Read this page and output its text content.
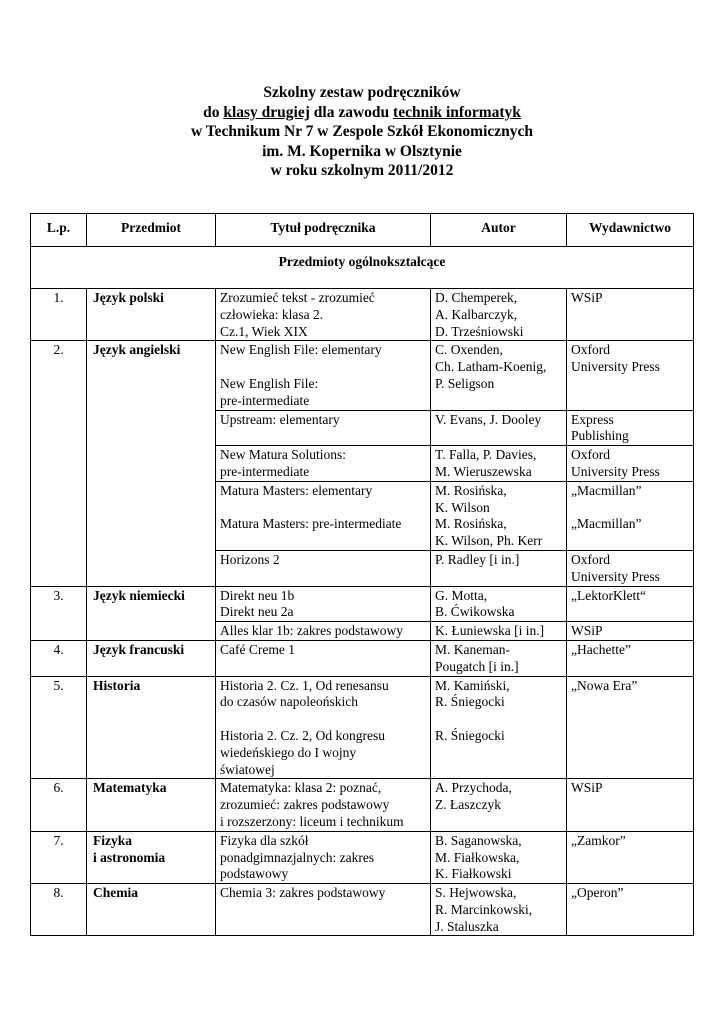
Szkolny zestaw podręczników
do klasy drugiej dla zawodu technik informatyk
w Technikum Nr 7 w Zespole Szkół Ekonomicznych
im. M. Kopernika w Olsztynie
w roku szkolnym 2011/2012
L.p.	Przedmiot	Tytuł podręcznika	Autor	Wydawnictwo
Przedmioty ogólnokształcące				
1.	Język polski	Zrozumieć tekst - zrozumieć
człowieka: klasa 2.
Cz.1, Wiek XIX	D. Chemperek,
A. Kalbarczyk,
D. Trześniowski	WSiP

2.	Język angielski	New English File: elementary
New English File:
pre-intermediate	C. Oxenden,
Ch. Latham-Koenig,
P. Seligson	Oxford
University Press

		Upstream: elementary	V. Evans, J. Dooley	Express
Publishing

		New Matura Solutions:
pre-intermediate	T. Falla, P. Davies,
M. Wieruszewska	Oxford
University Press

		Matura Masters: elementary
Matura Masters: pre-intermediate	M. Rosińska,
K. Wilson
M. Rosińska,
K. Wilson, Ph. Kerr	„Macmillan”
„Macmillan”

		Horizons 2	P. Radley [i in.]	Oxford
University Press

3.	Język niemiecki	Direkt neu 1b
Direkt neu 2a	G. Motta,
B. Ćwikowska	„LektorKlett“

		Alles klar 1b: zakres podstawowy	K. Łuniewska [i in.]	WSiP

4.	Język francuski	Café Creme 1	M. Kaneman-
Pougatch [i in.]	„Hachette”

5.	Historia	Historia 2. Cz. 1, Od renesansu
do czasów napoleońskich
Historia 2. Cz. 2, Od kongresu
wiedeńskiego do I wojny
światowej	M. Kamiński,
R. Śniegocki
R. Śniegocki	„Nowa Era”

6.	Matematyka	Matematyka: klasa 2: poznać,
zrozumieć: zakres podstawowy
i rozszerzony: liceum i technikum	A. Przychoda,
Z. Łaszczyk	WSiP

7.	Fizyka
i astronomia	Fizyka dla szkół
ponadgimnazjalnych: zakres
podstawowy	B. Saganowska,
M. Fiałkowska,
K. Fiałkowski	„Zamkor”

8.	Chemia	Chemia 3: zakres podstawowy	S. Hejwowska,
R. Marcinkowski,
J. Staluszka	„Operon”
